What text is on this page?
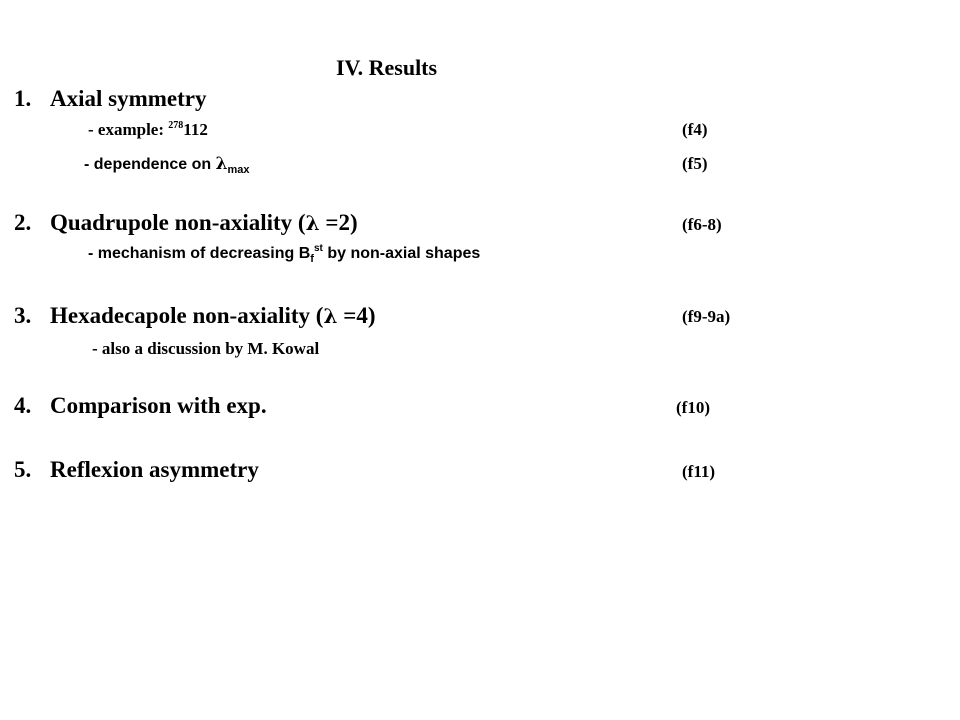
IV. Results
1. Axial symmetry
- example: $^{278}$112	(f4)
- dependence on $\lambda_{max}$	(f5)
2. Quadrupole non-axiality (λ =2)	(f6-8)
- mechanism of decreasing $B_f^{st}$ by non-axial shapes
3. Hexadecapole non-axiality (λ =4)	(f9-9a)
- also a discussion by M. Kowal
4. Comparison with exp.	(f10)
5. Reflexion asymmetry	(f11)
